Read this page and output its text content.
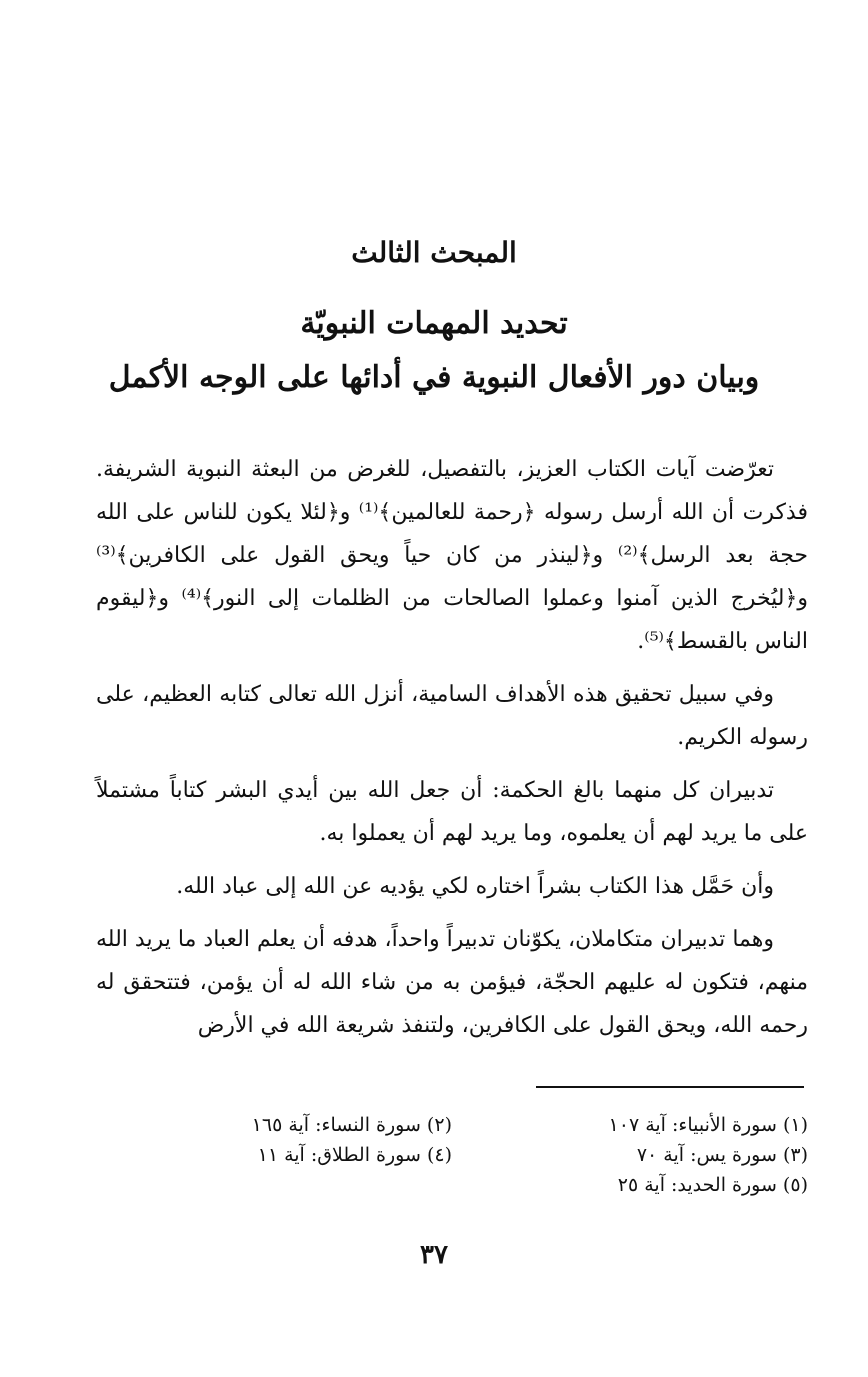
المبحث الثالث
تحديد المهمات النبويّة
وبيان دور الأفعال النبوية في أدائها على الوجه الأكمل

تعرّضت آيات الكتاب العزيز، بالتفصيل، للغرض من البعثة النبوية الشريفة. فذكرت أن الله أرسل رسوله ﴿رحمة للعالمين﴾⁽¹⁾ و﴿لئلا يكون للناس على الله حجة بعد الرسل﴾⁽²⁾ و﴿لينذر من كان حياً ويحق القول على الكافرين﴾⁽³⁾ و﴿ليُخرج الذين آمنوا وعملوا الصالحات من الظلمات إلى النور﴾⁽⁴⁾ و﴿ليقوم الناس بالقسط﴾⁽⁵⁾.

وفي سبيل تحقيق هذه الأهداف السامية، أنزل الله تعالى كتابه العظيم، على رسوله الكريم.

تدبيران كل منهما بالغ الحكمة: أن جعل الله بين أيدي البشر كتاباً مشتملاً على ما يريد لهم أن يعلموه، وما يريد لهم أن يعملوا به.

وأن حَمَّل هذا الكتاب بشراً اختاره لكي يؤديه عن الله إلى عباد الله.

وهما تدبيران متكاملان، يكوّنان تدبيراً واحداً، هدفه أن يعلم العباد ما يريد الله منهم، فتكون له عليهم الحجّة، فيؤمن به من شاء الله له أن يؤمن، فتتحقق له رحمه الله، ويحق القول على الكافرين، ولتنفذ شريعة الله في الأرض

(١) سورة الأنبياء: آية ١٠٧
(٢) سورة النساء: آية ١٦٥
(٣) سورة يس: آية ٧٠
(٤) سورة الطلاق: آية ١١
(٥) سورة الحديد: آية ٢٥
٣٧
